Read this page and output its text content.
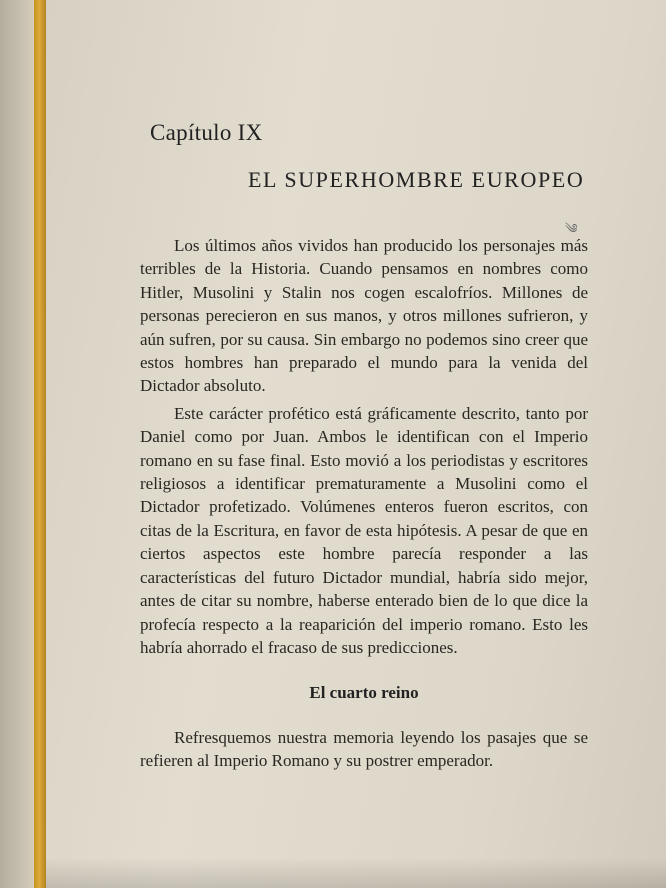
Capítulo IX
EL SUPERHOMBRE EUROPEO
༄

Los últimos años vividos han producido los personajes más terribles de la Historia. Cuando pensamos en nombres como Hitler, Musolini y Stalin nos cogen escalofríos. Millones de personas perecieron en sus manos, y otros millones sufrieron, y aún sufren, por su causa. Sin embargo no podemos sino creer que estos hombres han preparado el mundo para la venida del Dictador absoluto.

Este carácter profético está gráficamente descrito, tanto por Daniel como por Juan. Ambos le identifican con el Imperio romano en su fase final. Esto movió a los periodistas y escritores religiosos a identificar prematuramente a Musolini como el Dictador profetizado. Volúmenes enteros fueron escritos, con citas de la Escritura, en favor de esta hipótesis. A pesar de que en ciertos aspectos este hombre parecía responder a las características del futuro Dictador mundial, habría sido mejor, antes de citar su nombre, haberse enterado bien de lo que dice la profecía respecto a la reaparición del imperio romano. Esto les habría ahorrado el fracaso de sus predicciones.

El cuarto reino

Refresquemos nuestra memoria leyendo los pasajes que se refieren al Imperio Romano y su postrer emperador.
